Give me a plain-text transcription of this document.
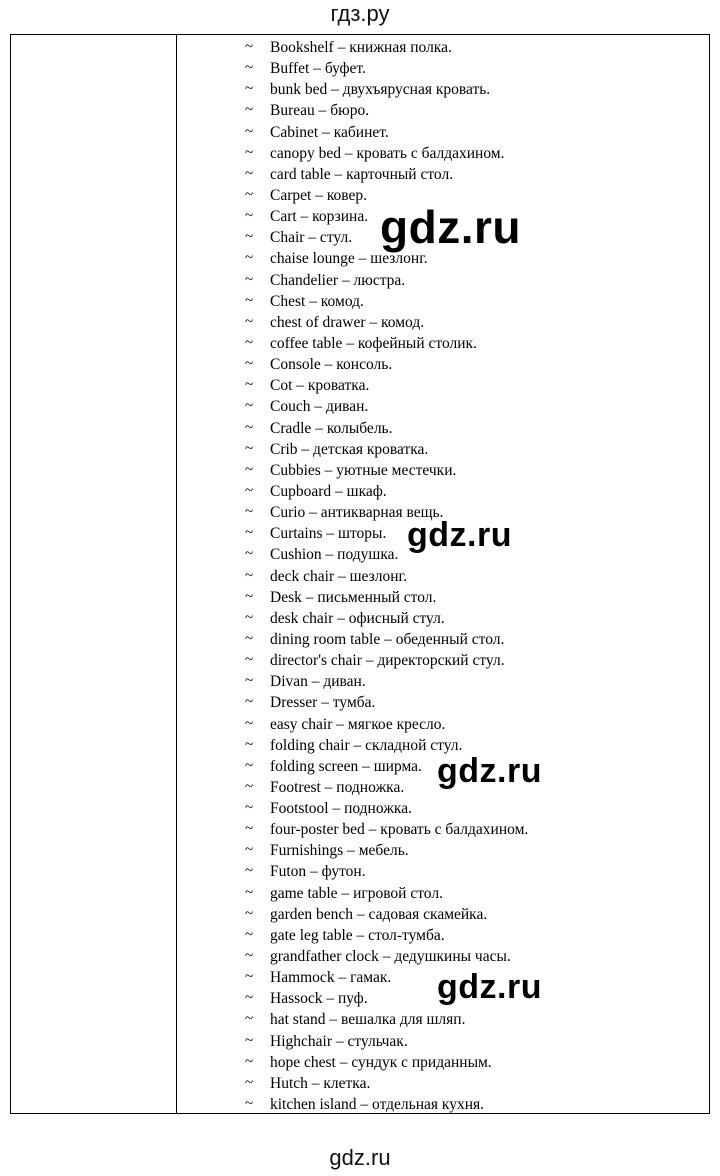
гдз.ру
~ Bookshelf – книжная полка.
~ Buffet – буфет.
~ bunk bed – двухъярусная кровать.
~ Bureau – бюро.
~ Cabinet – кабинет.
~ canopy bed – кровать с балдахином.
~ card table – карточный стол.
~ Carpet – ковер.
~ Cart – корзина.
~ Chair – стул.
~ chaise lounge – шезлонг.
~ Chandelier – люстра.
~ Chest – комод.
~ chest of drawer – комод.
~ coffee table – кофейный столик.
~ Console – консоль.
~ Cot – кроватка.
~ Couch – диван.
~ Cradle – колыбель.
~ Crib – детская кроватка.
~ Cubbies – уютные местечки.
~ Cupboard – шкаф.
~ Curio – антикварная вещь.
~ Curtains – шторы.
~ Cushion – подушка.
~ deck chair – шезлонг.
~ Desk – письменный стол.
~ desk chair – офисный стул.
~ dining room table – обеденный стол.
~ director's chair – директорский стул.
~ Divan – диван.
~ Dresser – тумба.
~ easy chair – мягкое кресло.
~ folding chair – складной стул.
~ folding screen – ширма.
~ Footrest – подножка.
~ Footstool – подножка.
~ four-poster bed – кровать с балдахином.
~ Furnishings – мебель.
~ Futon – футон.
~ game table – игровой стол.
~ garden bench – садовая скамейка.
~ gate leg table – стол-тумба.
~ grandfather clock – дедушкины часы.
~ Hammock – гамак.
~ Hassock – пуф.
~ hat stand – вешалка для шляп.
~ Highchair – стульчак.
~ hope chest – сундук с приданным.
~ Hutch – клетка.
~ kitchen island – отдельная кухня.
gdz.ru
gdz.ru
gdz.ru
gdz.ru
gdz.ru
